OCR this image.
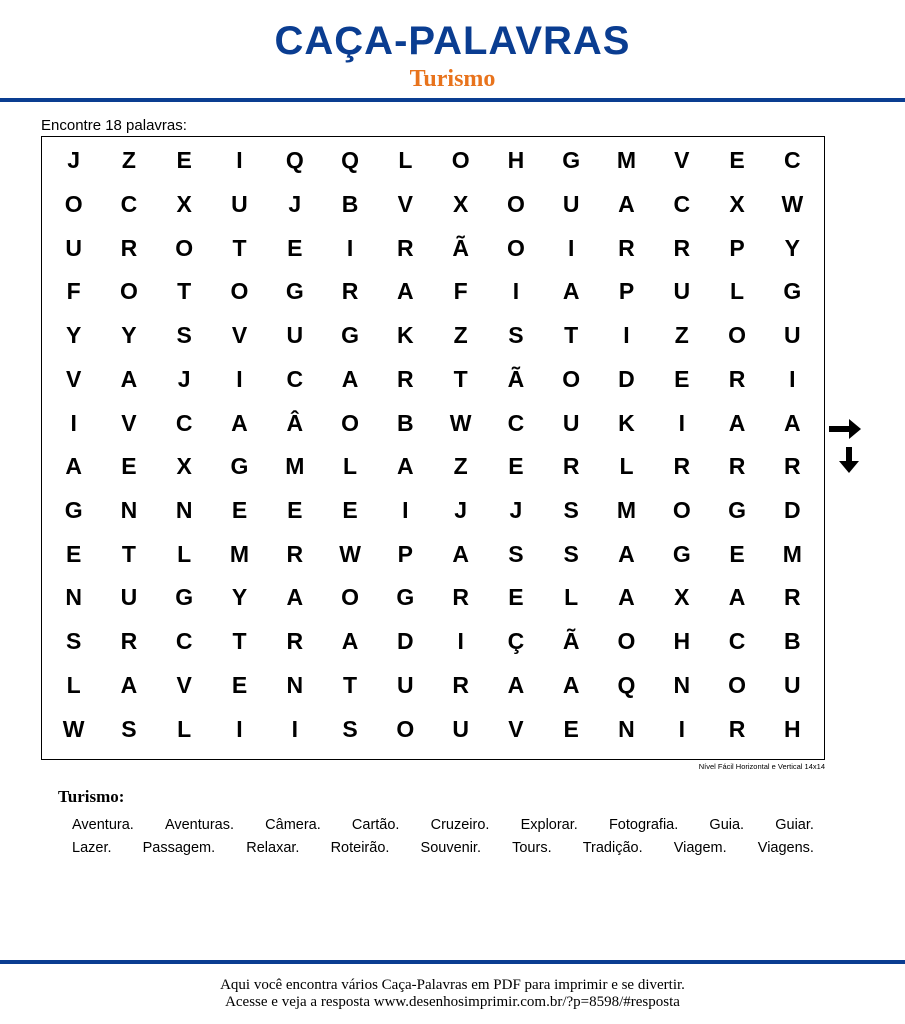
CAÇA-PALAVRAS
Turismo
Encontre 18 palavras:
J	Z	E	I	Q	Q	L	O	H	G	M	V	E	C
O	C	X	U	J	B	V	X	O	U	A	C	X	W
U	R	O	T	E	I	R	Ã	O	I	R	R	P	Y
F	O	T	O	G	R	A	F	I	A	P	U	L	G
Y	Y	S	V	U	G	K	Z	S	T	I	Z	O	U
V	A	J	I	C	A	R	T	Ã	O	D	E	R	I
I	V	C	A	Â	O	B	W	C	U	K	I	A	A
A	E	X	G	M	L	A	Z	E	R	L	R	R	R
G	N	N	E	E	E	I	J	J	S	M	O	G	D
E	T	L	M	R	W	P	A	S	S	A	G	E	M
N	U	G	Y	A	O	G	R	E	L	A	X	A	R
S	R	C	T	R	A	D	I	Ç	Ã	O	H	C	B
L	A	V	E	N	T	U	R	A	A	Q	N	O	U
W	S	L	I	I	S	O	U	V	E	N	I	R	H
Nível Fácil Horizontal e Vertical 14x14
Turismo:
Aventura. Aventuras. Câmera. Cartão. Cruzeiro. Explorar. Fotografia. Guia. Guiar.
Lazer. Passagem. Relaxar. Roteirão. Souvenir. Tours. Tradição. Viagem. Viagens.
Aqui você encontra vários Caça-Palavras em PDF para imprimir e se divertir.
Acesse e veja a resposta www.desenhosimprimir.com.br/?p=8598/#resposta
